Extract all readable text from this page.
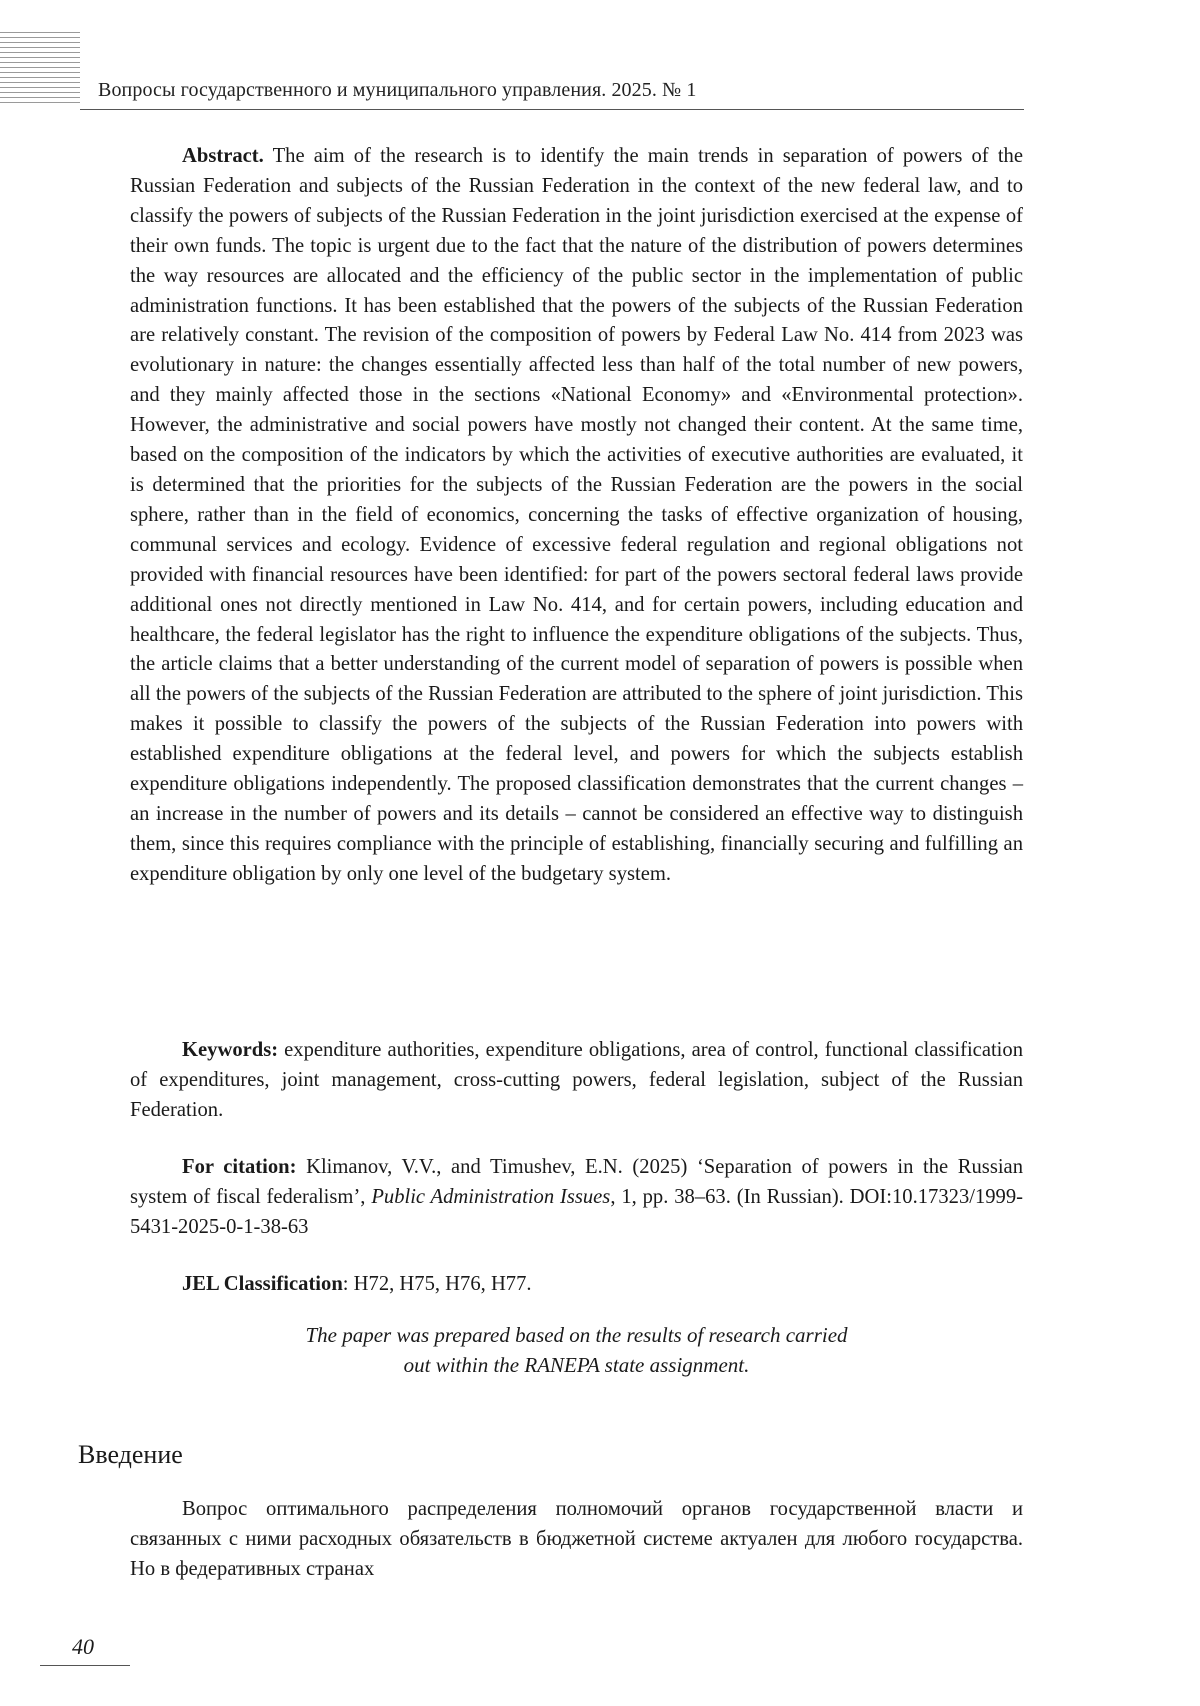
Вопросы государственного и муниципального управления. 2025. № 1

Abstract. The aim of the research is to identify the main trends in separation of powers of the Russian Federation and subjects of the Russian Federation in the context of the new federal law, and to classify the powers of subjects of the Russian Federation in the joint jurisdiction exercised at the expense of their own funds. The topic is urgent due to the fact that the nature of the distribution of powers determines the way resources are allocated and the efficiency of the public sector in the implementation of public administration functions. It has been established that the powers of the subjects of the Russian Federation are relatively constant. The revision of the composition of powers by Federal Law No. 414 from 2023 was evolutionary in nature: the changes essentially affected less than half of the total number of new powers, and they mainly affected those in the sections «National Economy» and «Environmental protection». However, the administrative and social powers have mostly not changed their content. At the same time, based on the composition of the indicators by which the activities of executive authorities are evaluated, it is determined that the priorities for the subjects of the Russian Federation are the powers in the social sphere, rather than in the field of economics, concerning the tasks of effective organization of housing, communal services and ecology. Evidence of excessive federal regulation and regional obligations not provided with financial resources have been identified: for part of the powers sectoral federal laws provide additional ones not directly mentioned in Law No. 414, and for certain powers, including education and healthcare, the federal legislator has the right to influence the expenditure obligations of the subjects. Thus, the article claims that a better understanding of the current model of separation of powers is possible when all the powers of the subjects of the Russian Federation are attributed to the sphere of joint jurisdiction. This makes it possible to classify the powers of the subjects of the Russian Federation into powers with established expenditure obligations at the federal level, and powers for which the subjects establish expenditure obligations independently. The proposed classification demonstrates that the current changes – an increase in the number of powers and its details – cannot be considered an effective way to distinguish them, since this requires compliance with the principle of establishing, financially securing and fulfilling an expenditure obligation by only one level of the budgetary system.

Keywords: expenditure authorities, expenditure obligations, area of control, functional classification of expenditures, joint management, cross-cutting powers, federal legislation, subject of the Russian Federation.

For citation: Klimanov, V.V., and Timushev, E.N. (2025) ‘Separation of powers in the Russian system of fiscal federalism’, Public Administration Issues, 1, pp. 38–63. (In Russian). DOI:10.17323/1999-5431-2025-0-1-38-63

JEL Classification: H72, H75, H76, H77.

The paper was prepared based on the results of research carried
out within the RANEPA state assignment.
Введение

Вопрос оптимального распределения полномочий органов государственной власти и связанных с ними расходных обязательств в бюджетной системе актуален для любого государства. Но в федеративных странах

40
